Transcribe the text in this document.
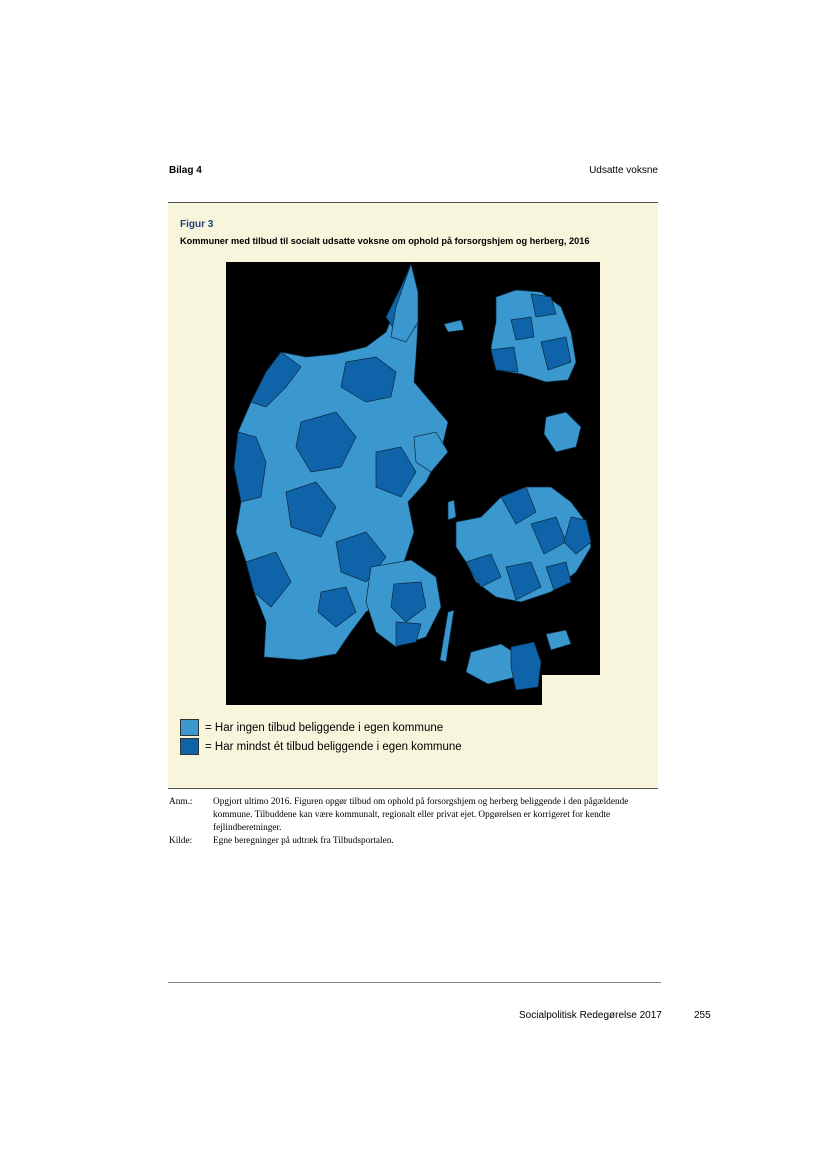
Bilag 4	Udsatte voksne
Figur 3
Kommuner med tilbud til socialt udsatte voksne om ophold på forsorgshjem og herberg, 2016
= Har ingen tilbud beliggende i egen kommune
= Har mindst ét tilbud beliggende i egen kommune
Anm.:	Opgjort ultimo 2016. Figuren opgør tilbud om ophold på forsorgshjem og herberg beliggende i den pågældende kommune. Tilbuddene kan være kommunalt, regionalt eller privat ejet. Opgørelsen er korrigeret for kendte fejlindberetninger.
Kilde:	Egne beregninger på udtræk fra Tilbudsportalen.
Socialpolitisk Redegørelse 2017	255
